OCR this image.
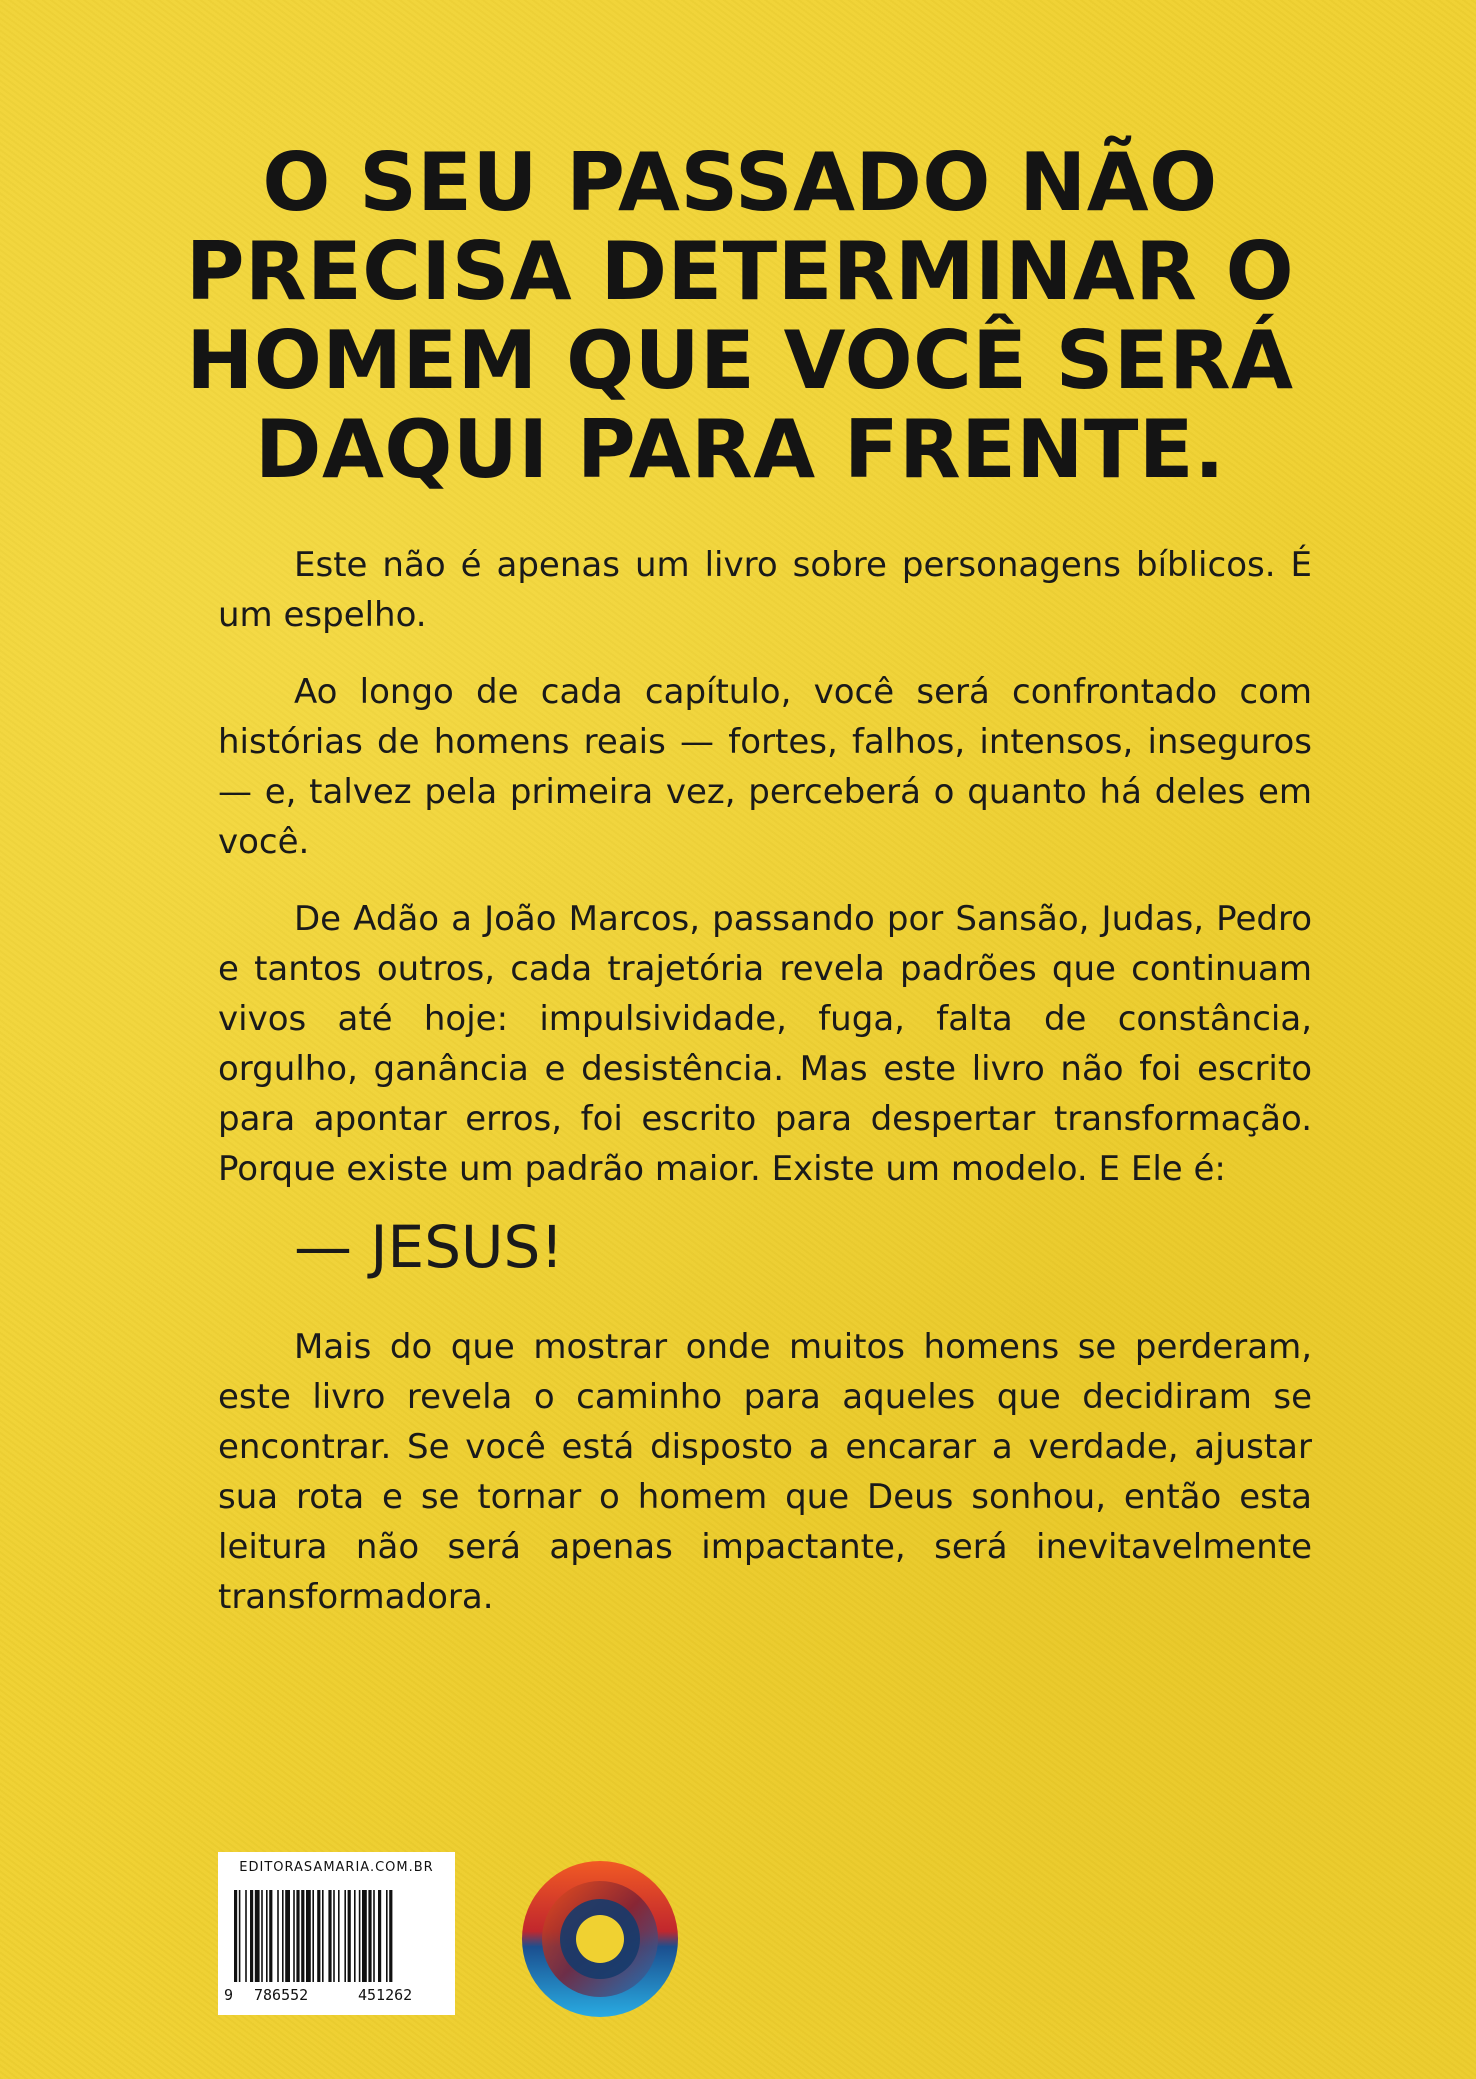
O SEU PASSADO NÃO
PRECISA DETERMINAR O
HOMEM QUE VOCÊ SERÁ
DAQUI PARA FRENTE.

Este não é apenas um livro sobre personagens bíblicos. É um espelho.

Ao longo de cada capítulo, você será confrontado com histórias de homens reais — fortes, falhos, intensos, inseguros — e, talvez pela primeira vez, perceberá o quanto há deles em você.

De Adão a João Marcos, passando por Sansão, Judas, Pedro e tantos outros, cada trajetória revela padrões que continuam vivos até hoje: impulsividade, fuga, falta de constância, orgulho, ganância e desistência. Mas este livro não foi escrito para apontar erros, foi escrito para despertar transformação. Porque existe um padrão maior. Existe um modelo. E Ele é:

— JESUS!

Mais do que mostrar onde muitos homens se perderam, este livro revela o caminho para aqueles que decidiram se encontrar. Se você está disposto a encarar a verdade, ajustar sua rota e se tornar o homem que Deus sonhou, então esta leitura não será apenas impactante, será inevitavelmente transformadora.

EDITORASAMARIA.COM.BR
9 786552	451262
